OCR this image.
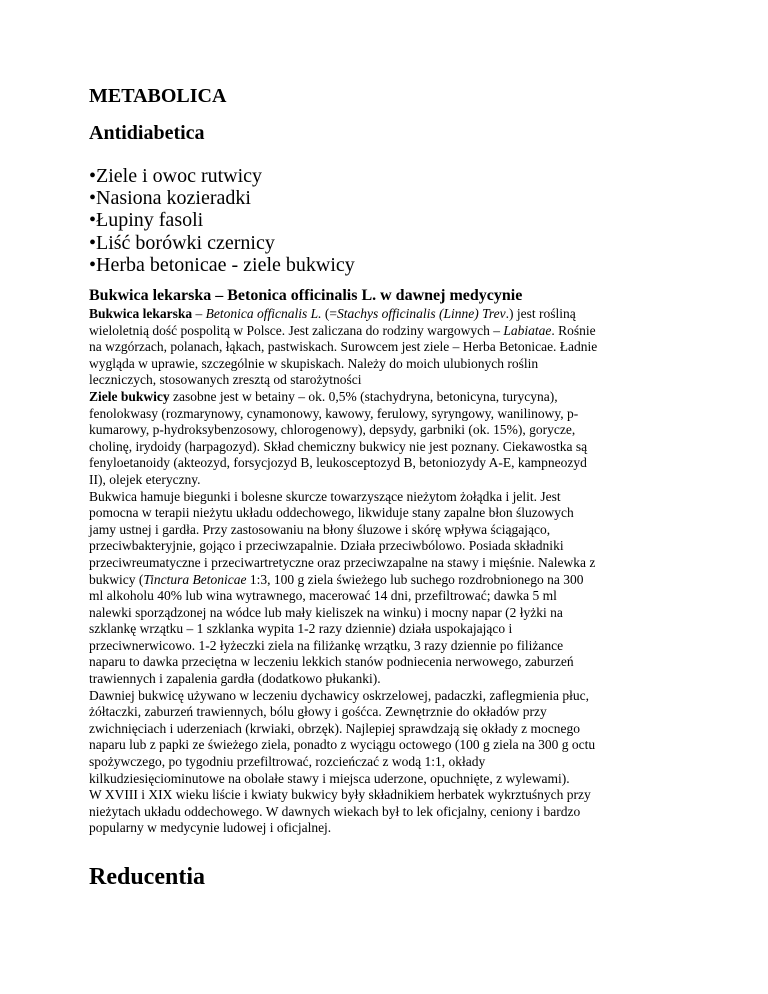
METABOLICA
Antidiabetica
•Ziele i owoc rutwicy
•Nasiona kozieradki
•Łupiny fasoli
•Liść borówki czernicy
•Herba betonicae - ziele bukwicy
Bukwica lekarska – Betonica officinalis L. w dawnej medycynie
Bukwica lekarska – Betonica officnalis L. (=Stachys officinalis (Linne) Trev.) jest rośliną
wieloletnią dość pospolitą w Polsce. Jest zaliczana do rodziny wargowych – Labiatae. Rośnie
na wzgórzach, polanach, łąkach, pastwiskach. Surowcem jest ziele – Herba Betonicae. Ładnie
wygląda w uprawie, szczególnie w skupiskach. Należy do moich ulubionych roślin
leczniczych, stosowanych zresztą od starożytności
Ziele bukwicy zasobne jest w betainy – ok. 0,5% (stachydryna, betonicyna, turycyna),
fenolokwasy (rozmarynowy, cynamonowy, kawowy, ferulowy, syryngowy, wanilinowy, p-
kumarowy, p-hydroksybenzosowy, chlorogenowy), depsydy, garbniki (ok. 15%), gorycze,
cholinę, irydoidy (harpagozyd). Skład chemiczny bukwicy nie jest poznany. Ciekawostka są
fenyloetanoidy (akteozyd, forsycjozyd B, leukosceptozyd B, betoniozydy A-E, kampneozyd
II), olejek eteryczny.
Bukwica hamuje biegunki i bolesne skurcze towarzyszące nieżytom żołądka i jelit. Jest
pomocna w terapii nieżytu układu oddechowego, likwiduje stany zapalne błon śluzowych
jamy ustnej i gardła. Przy zastosowaniu na błony śluzowe i skórę wpływa ściągająco,
przeciwbakteryjnie, gojąco i przeciwzapalnie. Działa przeciwbólowo. Posiada składniki
przeciwreumatyczne i przeciwartretyczne oraz przeciwzapalne na stawy i mięśnie. Nalewka z
bukwicy (Tinctura Betonicae 1:3, 100 g ziela świeżego lub suchego rozdrobnionego na 300
ml alkoholu 40% lub wina wytrawnego, macerować 14 dni, przefiltrować; dawka 5 ml
nalewki sporządzonej na wódce lub mały kieliszek na winku) i mocny napar (2 łyżki na
szklankę wrzątku – 1 szklanka wypita 1-2 razy dziennie) działa uspokajająco i
przeciwnerwicowo. 1-2 łyżeczki ziela na filiżankę wrzątku, 3 razy dziennie po filiżance
naparu to dawka przeciętna w leczeniu lekkich stanów podniecenia nerwowego, zaburzeń
trawiennych i zapalenia gardła (dodatkowo płukanki).
Dawniej bukwicę używano w leczeniu dychawicy oskrzelowej, padaczki, zaflegmienia płuc,
żółtaczki, zaburzeń trawiennych, bólu głowy i gośćca. Zewnętrznie do okładów przy
zwichnięciach i uderzeniach (krwiaki, obrzęk). Najlepiej sprawdzają się okłady z mocnego
naparu lub z papki ze świeżego ziela, ponadto z wyciągu octowego (100 g ziela na 300 g octu
spożywczego, po tygodniu przefiltrować, rozcieńczać z wodą 1:1, okłady
kilkudziesięciominutowe na obolałe stawy i miejsca uderzone, opuchnięte, z wylewami).
W XVIII i XIX wieku liście i kwiaty bukwicy były składnikiem herbatek wykrztuśnych przy
nieżytach układu oddechowego. W dawnych wiekach był to lek oficjalny, ceniony i bardzo
popularny w medycynie ludowej i oficjalnej.
Reducentia
